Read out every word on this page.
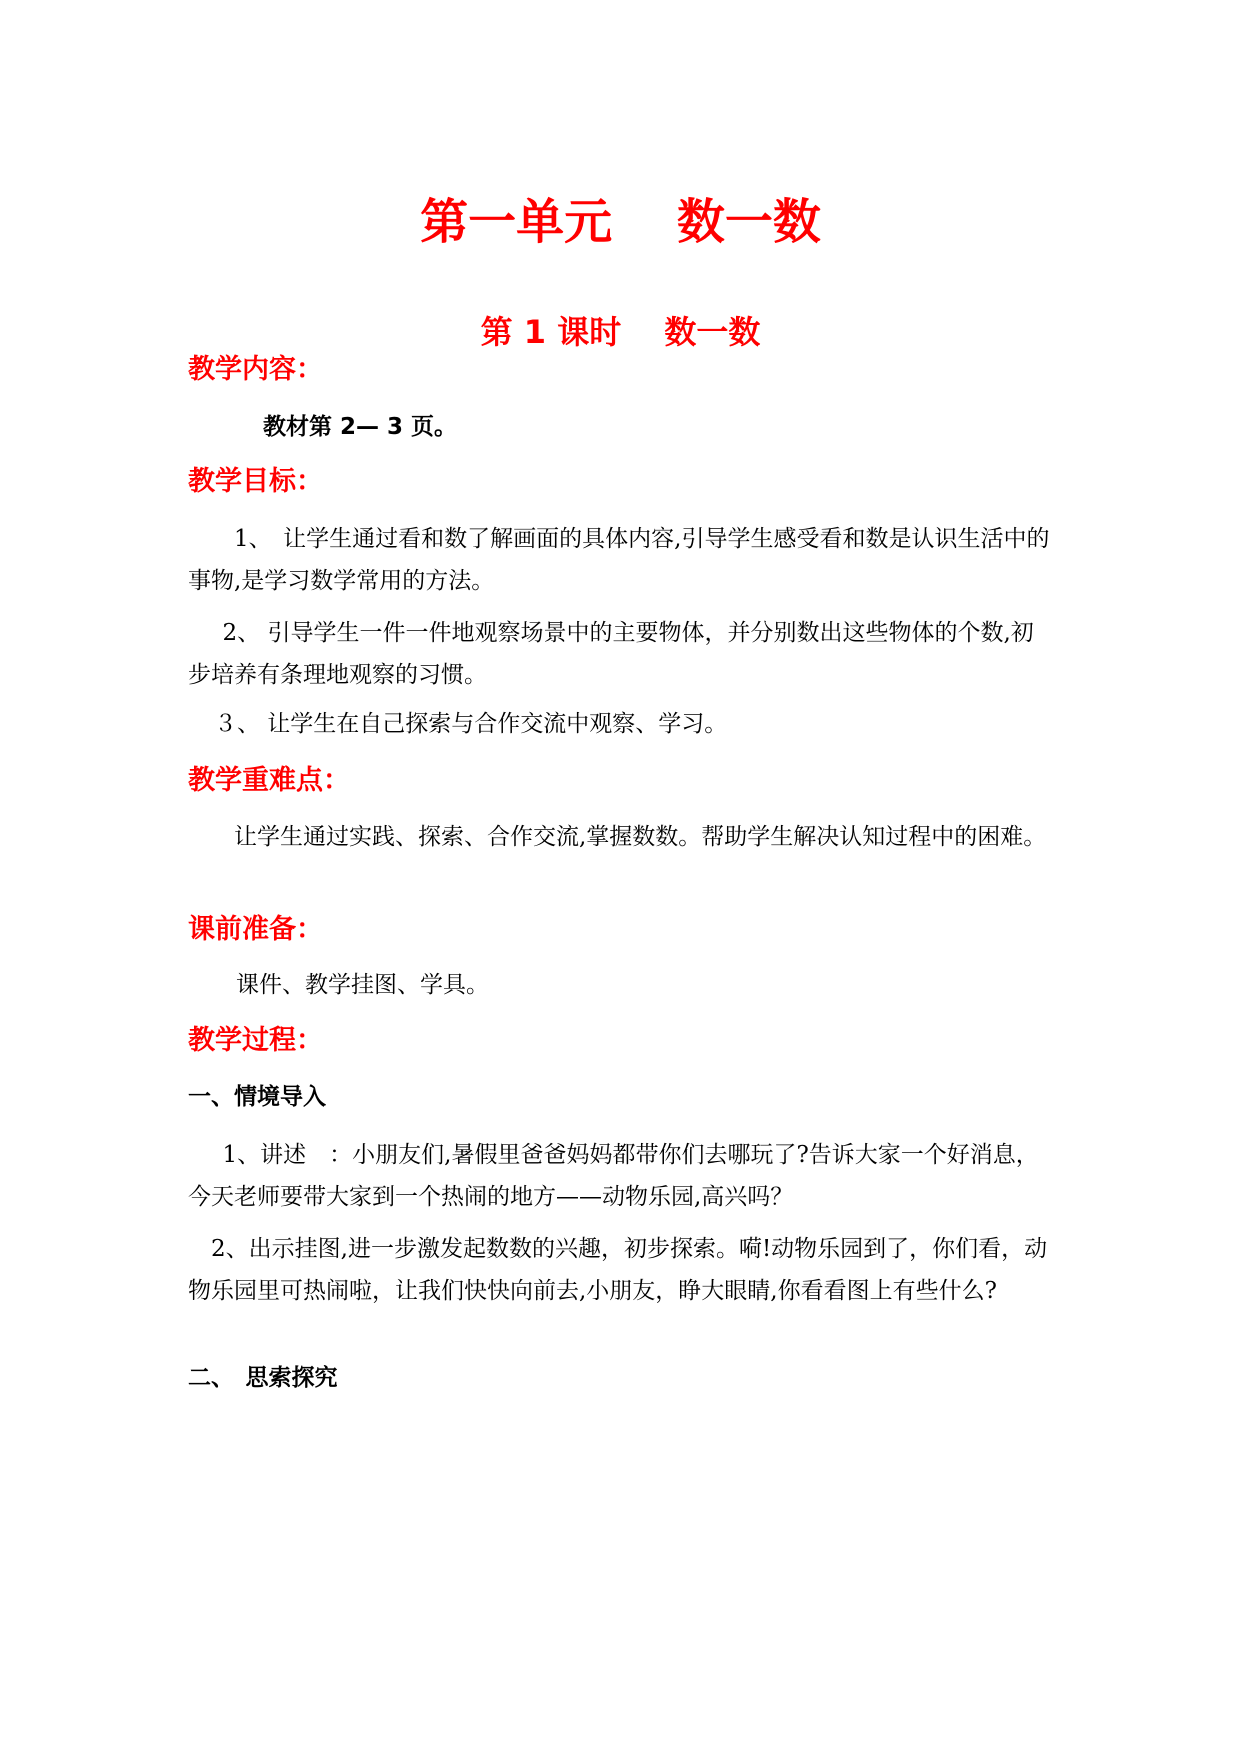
第一单元　 数一数
第 1 课时　 数一数
教学内容：
教材第 2— 3 页。
教学目标：
1、　让学生通过看和数了解画面的具体内容,引导学生感受看和数是认识生活中的事物,是学习数学常用的方法。
2、 引导学生一件一件地观察场景中的主要物体，并分别数出这些物体的个数,初步培养有条理地观察的习惯。
３、 让学生在自己探索与合作交流中观察、学习。
教学重难点：
让学生通过实践、探索、合作交流,掌握数数。帮助学生解决认知过程中的困难。
课前准备：
课件、教学挂图、学具。
教学过程：
一、情境导入
1、讲述　：小朋友们,暑假里爸爸妈妈都带你们去哪玩了?告诉大家一个好消息，今天老师要带大家到一个热闹的地方——动物乐园,高兴吗？
2、出示挂图,进一步激发起数数的兴趣，初步探索。嗬!动物乐园到了，你们看，动物乐园里可热闹啦，让我们快快向前去,小朋友，睁大眼睛,你看看图上有些什么?
二、　思索探究
